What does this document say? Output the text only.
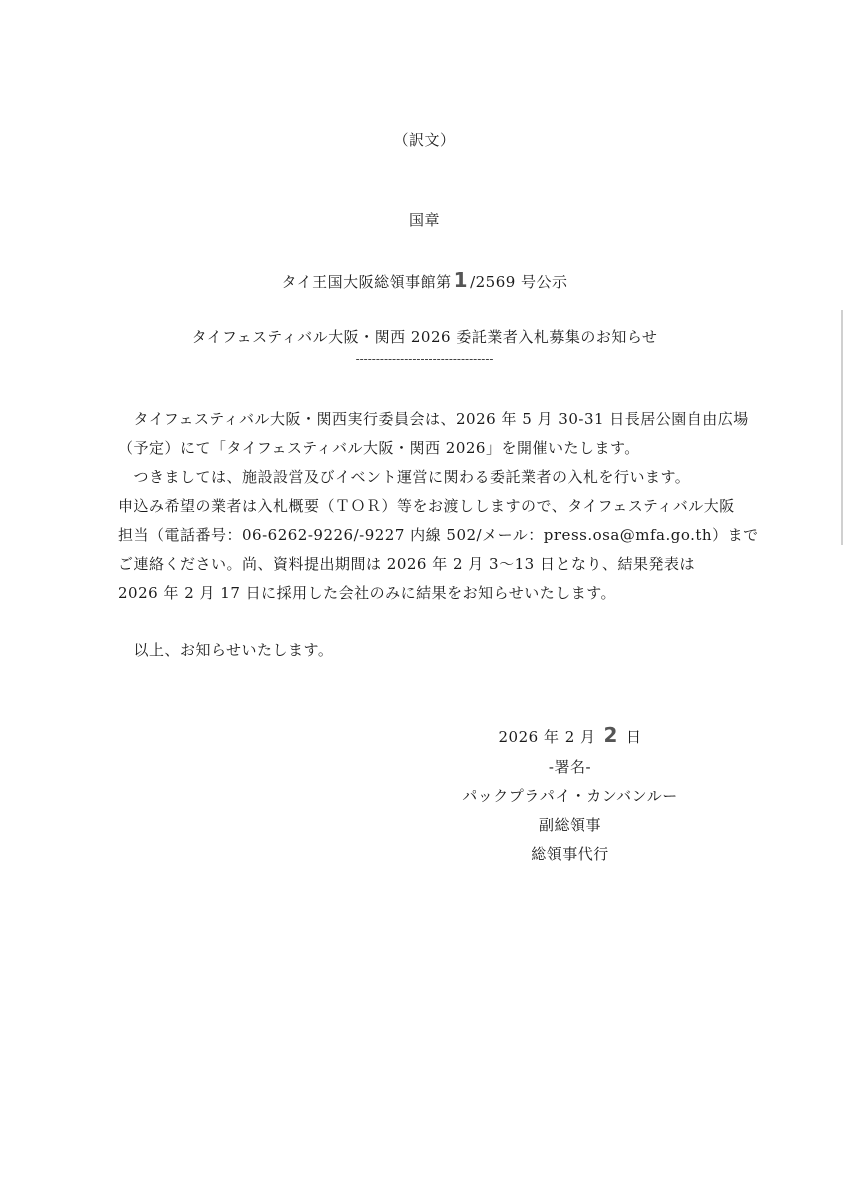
（訳文）
国章
タイ王国大阪総領事館第 1 /2569 号公示
タイフェスティバル大阪・関西 2026 委託業者入札募集のお知らせ
----------------------------------
　タイフェスティバル大阪・関西実行委員会は、2026 年 5 月 30-31 日長居公園自由広場
（予定）にて「タイフェスティバル大阪・関西 2026」を開催いたします。
　つきましては、施設設営及びイベント運営に関わる委託業者の入札を行います。
申込み希望の業者は入札概要（ＴＯＲ）等をお渡ししますので、タイフェスティバル大阪
担当（電話番号：06-6262-9226/-9227 内線 502/メール：press.osa@mfa.go.th）まで
ご連絡ください。尚、資料提出期間は 2026 年 2 月 3～13 日となり、結果発表は
2026 年 2 月 17 日に採用した会社のみに結果をお知らせいたします。
　以上、お知らせいたします。
2026 年 2 月 2 日
-署名-
パックプラパイ・カンバンルー
副総領事
総領事代行
